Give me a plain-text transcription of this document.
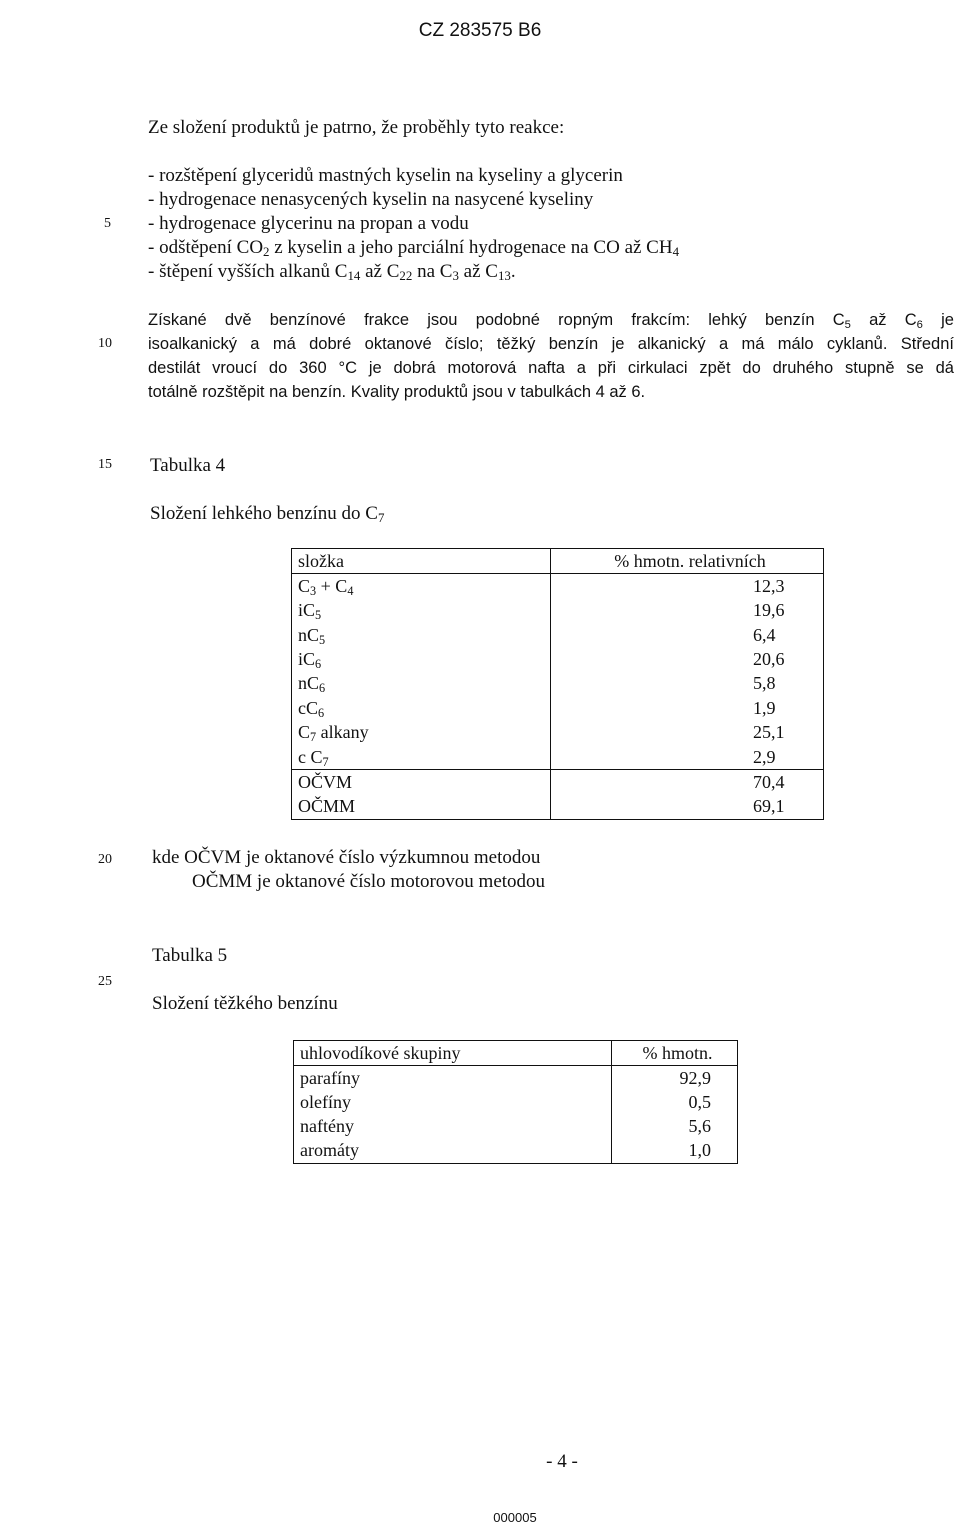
CZ 283575 B6
Ze složení produktů je patrno, že proběhly tyto reakce:
- rozštěpení glyceridů mastných kyselin na kyseliny a glycerin
- hydrogenace nenasycených kyselin na nasycené kyseliny
- hydrogenace glycerinu na propan a vodu
- odštěpení $CO_2$ z kyselin a jeho parciální hydrogenace na CO až $CH_4$
- štěpení vyšších alkanů $C_{14}$ až $C_{22}$ na $C_3$ až $C_{13}$.
Získané dvě benzínové frakce jsou podobné ropným frakcím: lehký benzín $C_5$ až $C_6$ je
isoalkanický a má dobré oktanové číslo; těžký benzín je alkanický a má málo cyklanů. Střední
destilát vroucí do 360 °C je dobrá motorová nafta a při cirkulaci zpět do druhého stupně se dá
totálně rozštěpit na benzín. Kvality produktů jsou v tabulkách 4 až 6.
5
10
15
20
25
Tabulka 4
Složení lehkého benzínu do $C_7$
složka	% hmotn. relativních
$C_3 + C_4$	12,3
$iC_5$	19,6
$nC_5$	6,4
$iC_6$	20,6
$nC_6$	5,8
$cC_6$	1,9
$C_7$ alkany	25,1
c $C_7$	2,9
OČVM	70,4
OČMM	69,1
kde OČVM je oktanové číslo výzkumnou metodou
OČMM je oktanové číslo motorovou metodou
Tabulka 5
Složení těžkého benzínu
uhlovodíkové skupiny	% hmotn.
parafíny	92,9
olefíny	0,5
naftény	5,6
aromáty	1,0
- 4 -
000005
